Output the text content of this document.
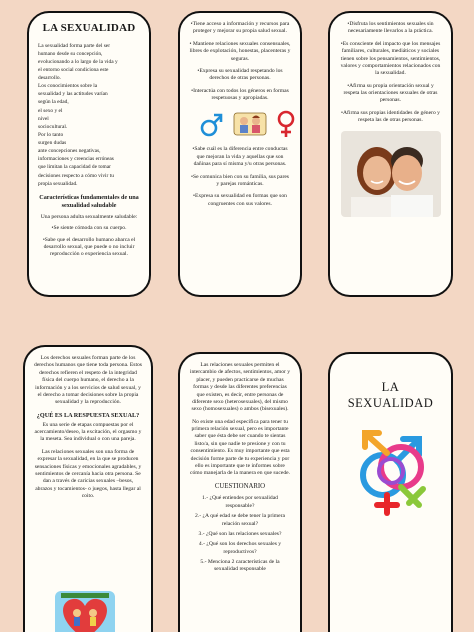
LA SEXUALIDAD

La sexualidad forma parte del ser

humano desde su concepción,

evolucionando a lo largo de la vida y

el entorno social condiciona este

desarrollo.

Los conocimientos sobre la

sexualidad y las actitudes varían

según la edad,

el sexo y el

nivel

sociocultural.

Por lo tanto

surgen dudas

ante concepciones negativas,

informaciones y creencias erróneas

que limitan la capacidad de tomar

decisiones respecto a cómo vivir tu

propia sexualidad.

Características fundamentales de una sexualidad saludable

Una persona adulta sexualmente saludable:

•Se siente cómoda con su cuerpo.

•Sabe que el desarrollo humano abarca el desarrollo sexual, que puede o no incluir reproducción o experiencia sexual.

•Tiene acceso a información y recursos para proteger y mejorar su propia salud sexual.

• Mantiene relaciones sexuales consensuales, libres de explotación, honestas, placenteras y seguras.

•Expresa su sexualidad respetando los derechos de otras personas.

•Interactúa con todos los géneros en formas respetuosas y apropiadas.

•Sabe cuál es la diferencia entre conductas que mejoran la vida y aquellas que son dañinas para sí misma y/u otras personas.

•Se comunica bien con su familia, sus pares y parejas románticas.

•Expresa su sexualidad en formas que son congruentes con sus valores.

•Disfruta los sentimientos sexuales sin necesariamente llevarlos a la práctica.

•Es consciente del impacto que los mensajes familiares, culturales, mediáticos y sociales tienen sobre los pensamientos, sentimientos, valores y comportamientos relacionados con la sexualidad.

•Afirma su propia orientación sexual y respeta las orientaciones sexuales de otras personas.

•Afirma sus propias identidades de género y respeta las de otras personas.

Los derechos sexuales forman parte de los derechos humanos que tiene toda persona. Estos derechos refieren el respeto de la integridad física del cuerpo humano, el derecho a la información y a los servicios de salud sexual, y el derecho a tomar decisiones sobre la propia sexualidad y la reproducción.

¿QUÉ ES LA RESPUESTA SEXUAL?

Es una serie de etapas compuestas por el acercamiento/deseo, la excitación, el orgasmo y la meseta. Sea individual o con una pareja.

Las relaciones sexuales son una forma de expresar la sexualidad, en la que se producen sensaciones físicas y emocionales agradables, y sentimientos de cercanía hacia otra persona. Se dan a través de caricias sexuales –besos, abrazos y tocamientos- o juegos, hasta llegar al coito.

Las relaciones sexuales permiten el intercambio de afectos, sentimientos, amor y placer, y pueden practicarse de muchas formas y desde las diferentes preferencias que existen, es decir, entre personas de diferente sexo (heterosexuales), del mismo sexo (homosexuales) o ambos (bisexuales).

No existe una edad específica para tener tu primera relación sexual, pero es importante saber que ésta debe ser cuando te sientas listo/a, sin que nadie te presione y con tu consentimiento. Es muy importante que esta decisión forme parte de tu experiencia y por ello es importante que te informes sobre cómo manejarla de la manera en que sucede.

CUESTIONARIO

1.- ¿Qué entiendes por sexualidad responsable?

2.- ¿A qué edad se debe tener la primera relación sexual?

3.- ¿Qué son las relaciones sexuales?

4.- ¿Qué son los derechos sexuales y reproductivos?

5.- Menciona 2 características de la sexualidad responsable

LA
SEXUALIDAD
